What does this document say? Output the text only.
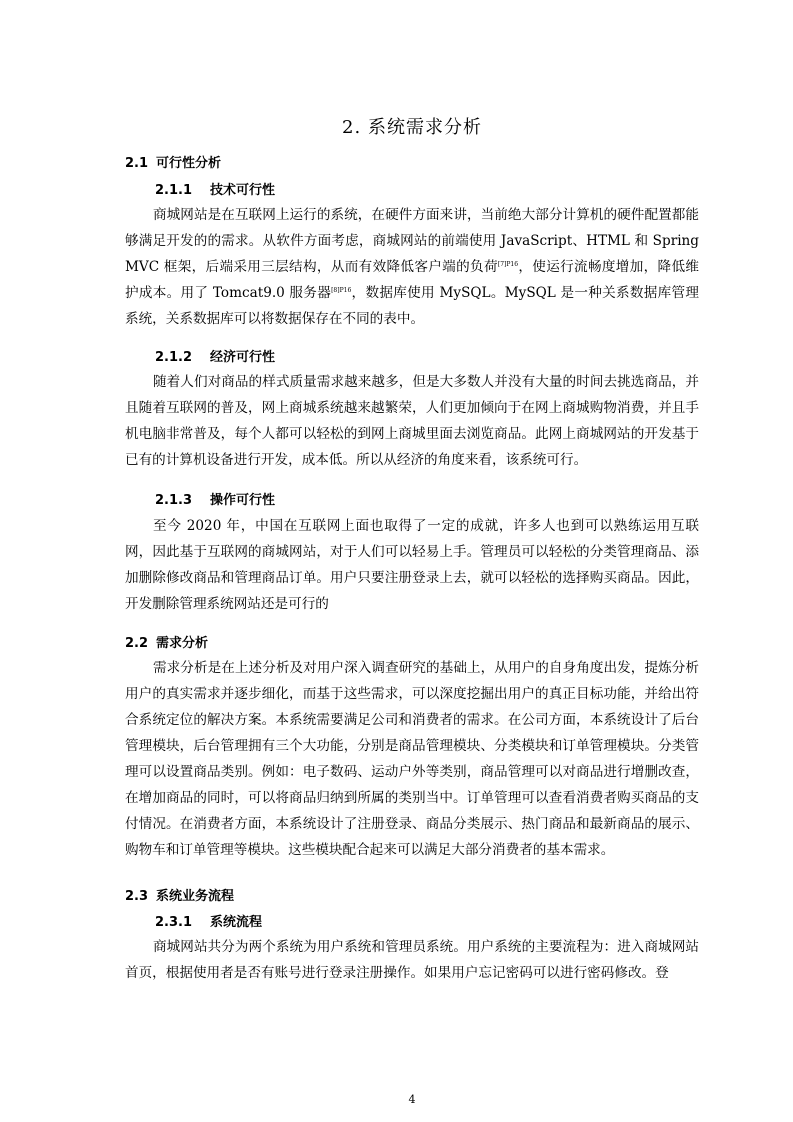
2. 系统需求分析
2.1 可行性分析
2.1.1 技术可行性

商城网站是在互联网上运行的系统，在硬件方面来讲，当前绝大部分计算机的硬件配置都能够满足开发的的需求。从软件方面考虑，商城网站的前端使用 JavaScript、HTML 和 SpringMVC 框架，后端采用三层结构，从而有效降低客户端的负荷$^{[7]P16}$，使运行流畅度增加，降低维护成本。用了 Tomcat9.0 服务器$^{[8]P16}$，数据库使用 MySQL。MySQL 是一种关系数据库管理系统，关系数据库可以将数据保存在不同的表中。

2.1.2 经济可行性

随着人们对商品的样式质量需求越来越多，但是大多数人并没有大量的时间去挑选商品，并且随着互联网的普及，网上商城系统越来越繁荣，人们更加倾向于在网上商城购物消费，并且手机电脑非常普及，每个人都可以轻松的到网上商城里面去浏览商品。此网上商城网站的开发基于已有的计算机设备进行开发，成本低。所以从经济的角度来看，该系统可行。

2.1.3 操作可行性

至今 2020 年，中国在互联网上面也取得了一定的成就，许多人也到可以熟练运用互联网，因此基于互联网的商城网站，对于人们可以轻易上手。管理员可以轻松的分类管理商品、添加删除修改商品和管理商品订单。用户只要注册登录上去，就可以轻松的选择购买商品。因此，开发删除管理系统网站还是可行的

2.2 需求分析

需求分析是在上述分析及对用户深入调查研究的基础上，从用户的自身角度出发，提炼分析用户的真实需求并逐步细化，而基于这些需求，可以深度挖掘出用户的真正目标功能，并给出符合系统定位的解决方案。本系统需要满足公司和消费者的需求。在公司方面，本系统设计了后台管理模块，后台管理拥有三个大功能，分别是商品管理模块、分类模块和订单管理模块。分类管理可以设置商品类别。例如：电子数码、运动户外等类别，商品管理可以对商品进行增删改查，在增加商品的同时，可以将商品归纳到所属的类别当中。订单管理可以查看消费者购买商品的支付情况。在消费者方面，本系统设计了注册登录、商品分类展示、热门商品和最新商品的展示、购物车和订单管理等模块。这些模块配合起来可以满足大部分消费者的基本需求。

2.3 系统业务流程
2.3.1 系统流程

商城网站共分为两个系统为用户系统和管理员系统。用户系统的主要流程为：进入商城网站首页，根据使用者是否有账号进行登录注册操作。如果用户忘记密码可以进行密码修改。登

4
